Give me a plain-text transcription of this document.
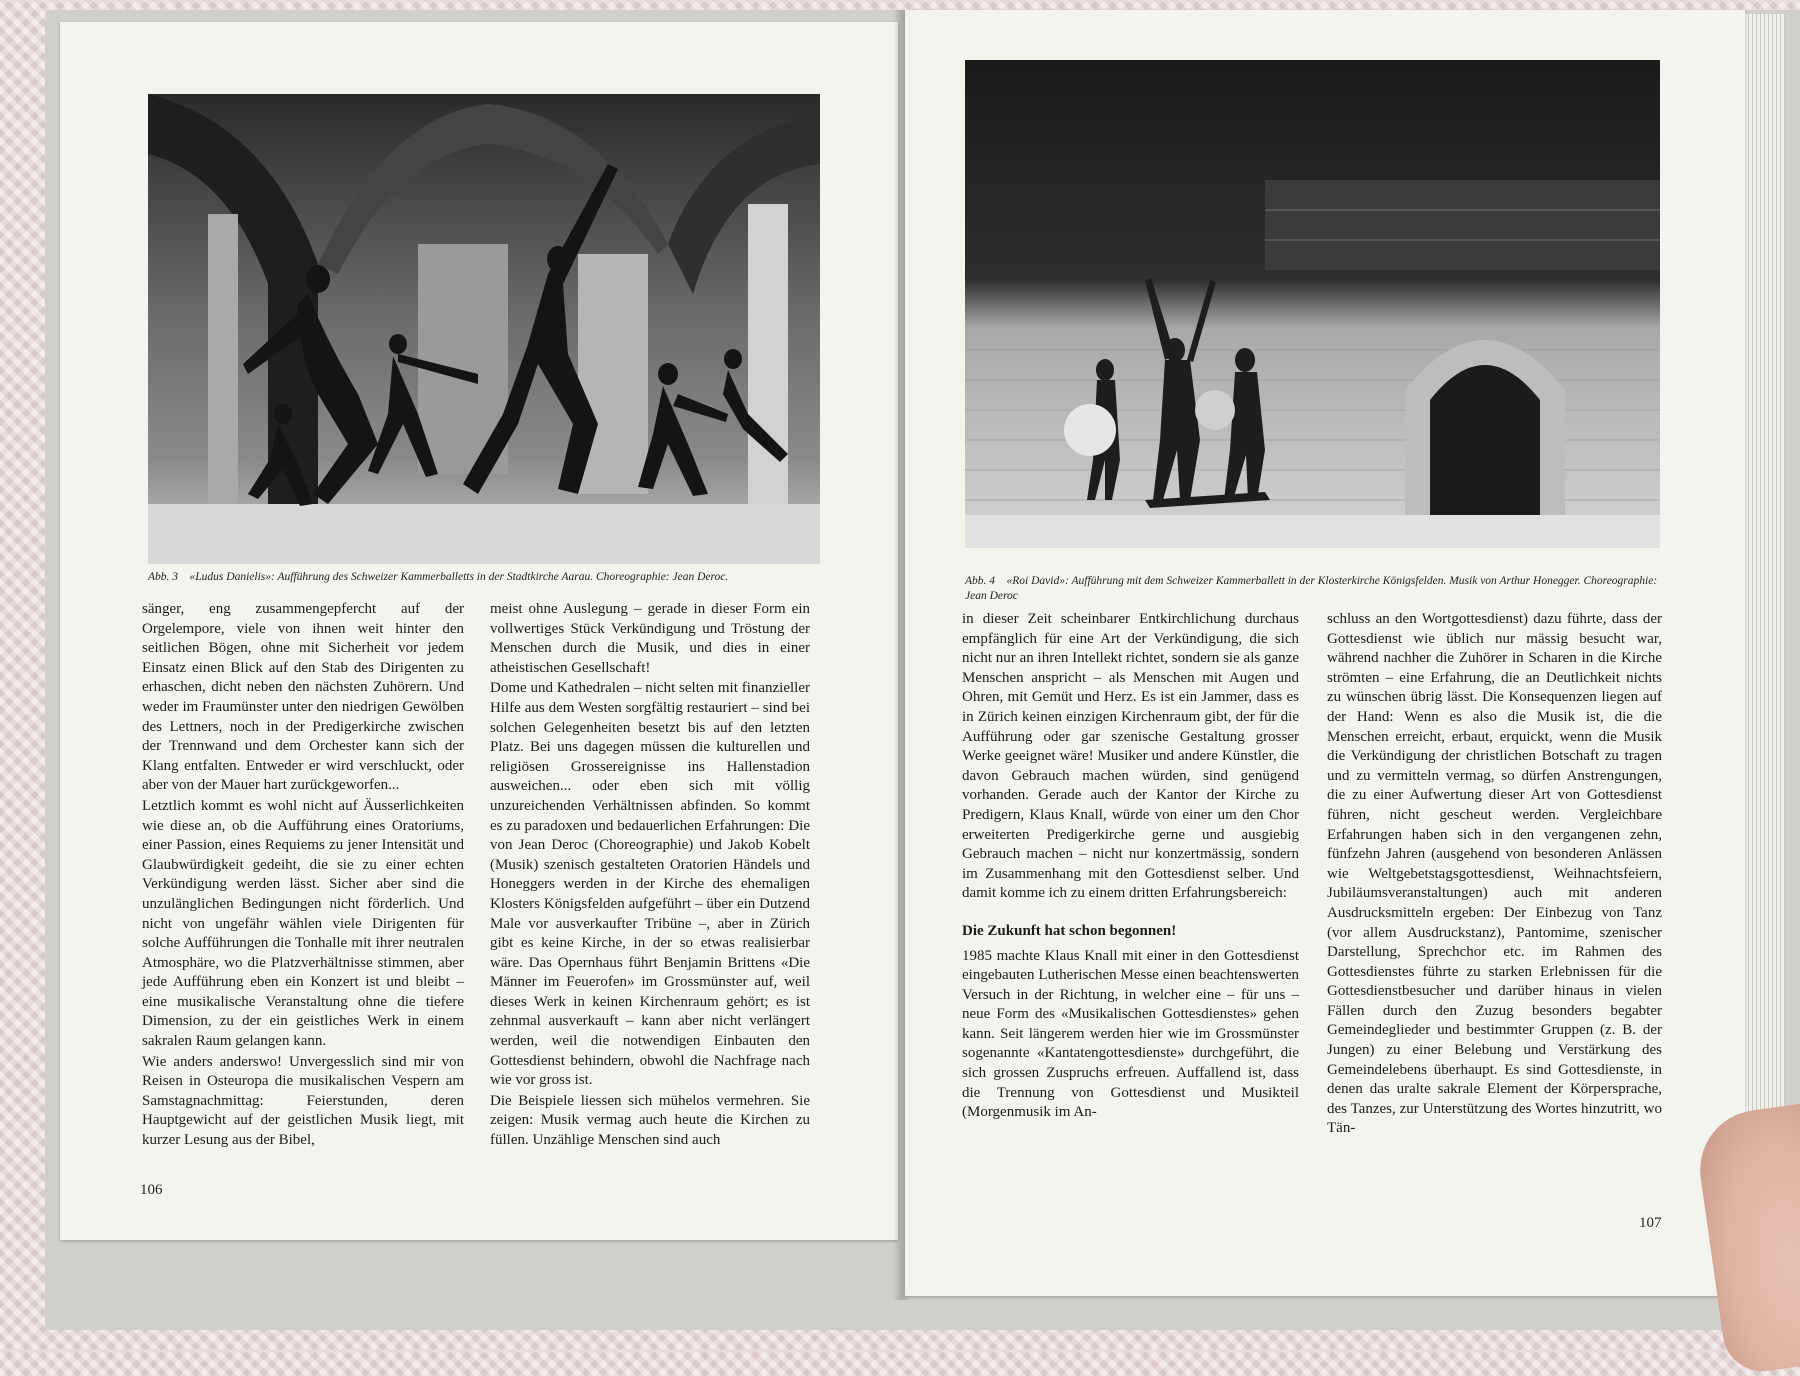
Abb. 3 «Ludus Danielis»: Aufführung des Schweizer Kammerballetts in der Stadtkirche Aarau. Choreographie: Jean Deroc.

sänger, eng zusammengepfercht auf der Orgelempore, viele von ihnen weit hinter den seitlichen Bögen, ohne mit Sicherheit vor jedem Einsatz einen Blick auf den Stab des Dirigenten zu erhaschen, dicht neben den nächsten Zuhörern. Und weder im Fraumünster unter den niedrigen Gewölben des Lettners, noch in der Predigerkirche zwischen der Trennwand und dem Orchester kann sich der Klang entfalten. Entweder er wird verschluckt, oder aber von der Mauer hart zurückgeworfen...

Letztlich kommt es wohl nicht auf Äusserlichkeiten wie diese an, ob die Aufführung eines Oratoriums, einer Passion, eines Requiems zu jener Intensität und Glaubwürdigkeit gedeiht, die sie zu einer echten Verkündigung werden lässt. Sicher aber sind die unzulänglichen Bedingungen nicht förderlich. Und nicht von ungefähr wählen viele Dirigenten für solche Aufführungen die Tonhalle mit ihrer neutralen Atmosphäre, wo die Platzverhältnisse stimmen, aber jede Aufführung eben ein Konzert ist und bleibt – eine musikalische Veranstaltung ohne die tiefere Dimension, zu der ein geistliches Werk in einem sakralen Raum gelangen kann.

Wie anders anderswo! Unvergesslich sind mir von Reisen in Osteuropa die musikalischen Vespern am Samstagnachmittag: Feierstunden, deren Hauptgewicht auf der geistlichen Musik liegt, mit kurzer Lesung aus der Bibel,

meist ohne Auslegung – gerade in dieser Form ein vollwertiges Stück Verkündigung und Tröstung der Menschen durch die Musik, und dies in einer atheistischen Gesellschaft!

Dome und Kathedralen – nicht selten mit finanzieller Hilfe aus dem Westen sorgfältig restauriert – sind bei solchen Gelegenheiten besetzt bis auf den letzten Platz. Bei uns dagegen müssen die kulturellen und religiösen Grossereignisse ins Hallenstadion ausweichen... oder eben sich mit völlig unzureichenden Verhältnissen abfinden. So kommt es zu paradoxen und bedauerlichen Erfahrungen: Die von Jean Deroc (Choreographie) und Jakob Kobelt (Musik) szenisch gestalteten Oratorien Händels und Honeggers werden in der Kirche des ehemaligen Klosters Königsfelden aufgeführt – über ein Dutzend Male vor ausverkaufter Tribüne –, aber in Zürich gibt es keine Kirche, in der so etwas realisierbar wäre. Das Opernhaus führt Benjamin Brittens «Die Männer im Feuerofen» im Grossmünster auf, weil dieses Werk in keinen Kirchenraum gehört; es ist zehnmal ausverkauft – kann aber nicht verlängert werden, weil die notwendigen Einbauten den Gottesdienst behindern, obwohl die Nachfrage nach wie vor gross ist.

Die Beispiele liessen sich mühelos vermehren. Sie zeigen: Musik vermag auch heute die Kirchen zu füllen. Unzählige Menschen sind auch

106
Abb. 4 «Roi David»: Aufführung mit dem Schweizer Kammerballett in der Klosterkirche Königsfelden. Musik von Arthur Honegger. Choreographie: Jean Deroc

in dieser Zeit scheinbarer Entkirchlichung durchaus empfänglich für eine Art der Verkündigung, die sich nicht nur an ihren Intellekt richtet, sondern sie als ganze Menschen anspricht – als Menschen mit Augen und Ohren, mit Gemüt und Herz. Es ist ein Jammer, dass es in Zürich keinen einzigen Kirchenraum gibt, der für die Aufführung oder gar szenische Gestaltung grosser Werke geeignet wäre! Musiker und andere Künstler, die davon Gebrauch machen würden, sind genügend vorhanden. Gerade auch der Kantor der Kirche zu Predigern, Klaus Knall, würde von einer um den Chor erweiterten Predigerkirche gerne und ausgiebig Gebrauch machen – nicht nur konzertmässig, sondern im Zusammenhang mit den Gottesdienst selber. Und damit komme ich zu einem dritten Erfahrungsbereich:

Die Zukunft hat schon begonnen!

1985 machte Klaus Knall mit einer in den Gottesdienst eingebauten Lutherischen Messe einen beachtenswerten Versuch in der Richtung, in welcher eine – für uns – neue Form des «Musikalischen Gottesdienstes» gehen kann. Seit längerem werden hier wie im Grossmünster sogenannte «Kantatengottesdienste» durchgeführt, die sich grossen Zuspruchs erfreuen. Auffallend ist, dass die Trennung von Gottesdienst und Musikteil (Morgenmusik im An-

schluss an den Wortgottesdienst) dazu führte, dass der Gottesdienst wie üblich nur mässig besucht war, während nachher die Zuhörer in Scharen in die Kirche strömten – eine Erfahrung, die an Deutlichkeit nichts zu wünschen übrig lässt. Die Konsequenzen liegen auf der Hand: Wenn es also die Musik ist, die die Menschen erreicht, erbaut, erquickt, wenn die Musik die Verkündigung der christlichen Botschaft zu tragen und zu vermitteln vermag, so dürfen Anstrengungen, die zu einer Aufwertung dieser Art von Gottesdienst führen, nicht gescheut werden. Vergleichbare Erfahrungen haben sich in den vergangenen zehn, fünfzehn Jahren (ausgehend von besonderen Anlässen wie Weltgebetstagsgottesdienst, Weihnachtsfeiern, Jubiläumsveranstaltungen) auch mit anderen Ausdrucksmitteln ergeben: Der Einbezug von Tanz (vor allem Ausdruckstanz), Pantomime, szenischer Darstellung, Sprechchor etc. im Rahmen des Gottesdienstes führte zu starken Erlebnissen für die Gottesdienstbesucher und darüber hinaus in vielen Fällen durch den Zuzug besonders begabter Gemeindeglieder und bestimmter Gruppen (z. B. der Jungen) zu einer Belebung und Verstärkung des Gemeindelebens überhaupt. Es sind Gottesdienste, in denen das uralte sakrale Element der Körpersprache, des Tanzes, zur Unterstützung des Wortes hinzutritt, wo Tän-

107
